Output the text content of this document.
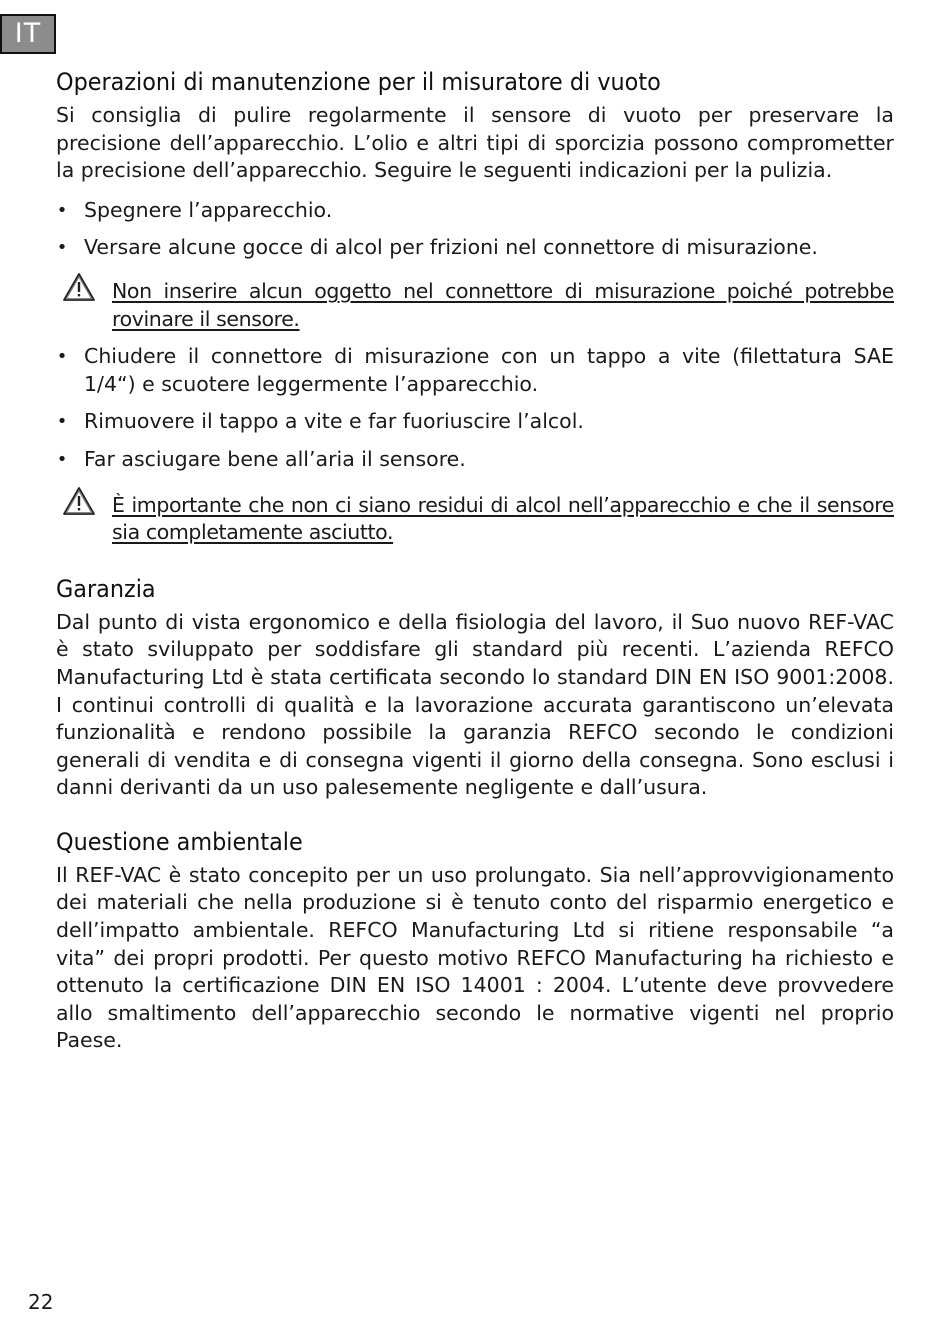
IT
Operazioni di manutenzione per il misuratore di vuoto

Si consiglia di pulire regolarmente il sensore di vuoto per preservare la precisione dell’apparecchio. L’olio e altri tipi di sporcizia possono comprometter la precisione dell’apparecchio. Seguire le seguenti indicazioni per la pulizia.

• Spegnere l’apparecchio.
• Versare alcune gocce di alcol per frizioni nel connettore di misurazione.
Non inserire alcun oggetto nel connettore di misurazione poiché potrebbe rovinare il sensore.
• Chiudere il connettore di misurazione con un tappo a vite (filettatura SAE 1/4“) e scuotere leggermente l’apparecchio.
• Rimuovere il tappo a vite e far fuoriuscire l’alcol.
• Far asciugare bene all’aria il sensore.
È importante che non ci siano residui di alcol nell’apparecchio e che il sensore sia completamente asciutto.
Garanzia

Dal punto di vista ergonomico e della fisiologia del lavoro, il Suo nuovo REF-VAC è stato sviluppato per soddisfare gli standard più recenti. L’azienda REFCO Manufacturing Ltd è stata certificata secondo lo standard DIN EN ISO 9001:2008. I continui controlli di qualità e la lavorazione accurata garantiscono un’elevata funzionalità e rendono possibile la garanzia REFCO secondo le condizioni generali di vendita e di consegna vigenti il giorno della consegna. Sono esclusi i danni derivanti da un uso palesemente negligente e dall’usura.

Questione ambientale

Il REF-VAC è stato concepito per un uso prolungato. Sia nell’approvvigionamento dei materiali che nella produzione si è tenuto conto del risparmio energetico e dell’impatto ambientale. REFCO Manufacturing Ltd si ritiene responsabile “a vita” dei propri prodotti. Per questo motivo REFCO Manufacturing ha richiesto e ottenuto la certificazione DIN EN ISO 14001 : 2004. L’utente deve provvedere allo smaltimento dell’apparecchio secondo le normative vigenti nel proprio Paese.

22
